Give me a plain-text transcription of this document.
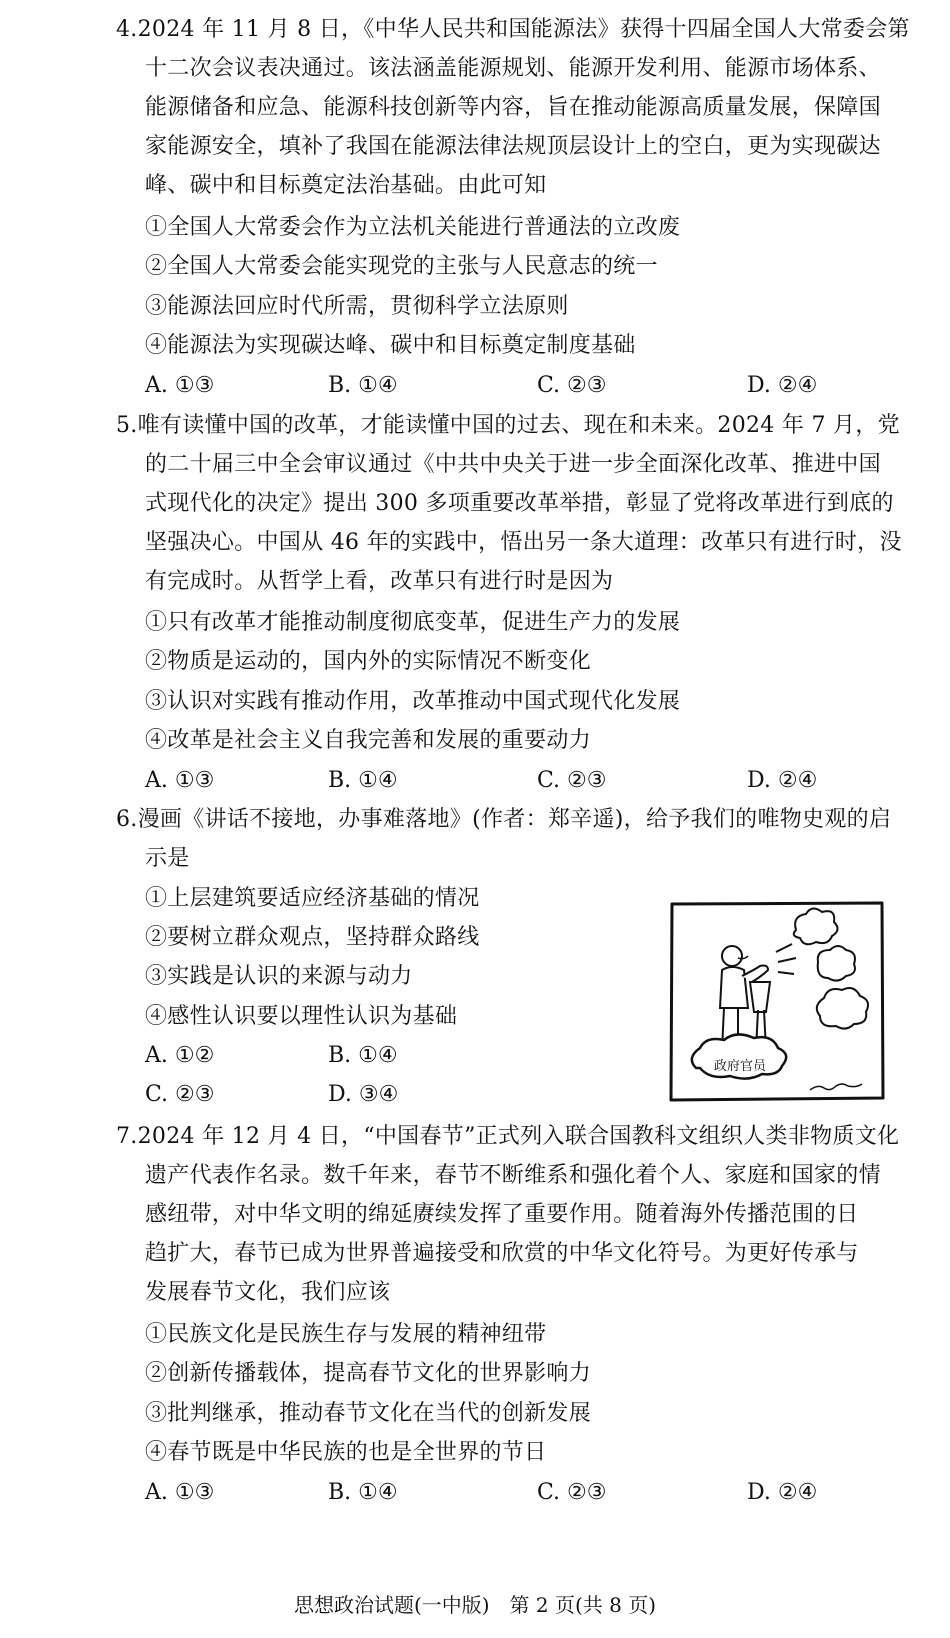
4.2024 年 11 月 8 日，《中华人民共和国能源法》获得十四届全国人大常委会第
十二次会议表决通过。该法涵盖能源规划、能源开发利用、能源市场体系、
能源储备和应急、能源科技创新等内容，旨在推动能源高质量发展，保障国
家能源安全，填补了我国在能源法律法规顶层设计上的空白，更为实现碳达
峰、碳中和目标奠定法治基础。由此可知
①全国人大常委会作为立法机关能进行普通法的立改废
②全国人大常委会能实现党的主张与人民意志的统一
③能源法回应时代所需，贯彻科学立法原则
④能源法为实现碳达峰、碳中和目标奠定制度基础
A. ①③	B. ①④	C. ②③	D. ②④
5.唯有读懂中国的改革，才能读懂中国的过去、现在和未来。2024 年 7 月，党
的二十届三中全会审议通过《中共中央关于进一步全面深化改革、推进中国
式现代化的决定》提出 300 多项重要改革举措，彰显了党将改革进行到底的
坚强决心。中国从 46 年的实践中，悟出另一条大道理：改革只有进行时，没
有完成时。从哲学上看，改革只有进行时是因为
①只有改革才能推动制度彻底变革，促进生产力的发展
②物质是运动的，国内外的实际情况不断变化
③认识对实践有推动作用，改革推动中国式现代化发展
④改革是社会主义自我完善和发展的重要动力
A. ①③	B. ①④	C. ②③	D. ②④
6.漫画《讲话不接地，办事难落地》(作者：郑辛遥)，给予我们的唯物史观的启
示是
①上层建筑要适应经济基础的情况
②要树立群众观点，坚持群众路线
③实践是认识的来源与动力
④感性认识要以理性认识为基础
A. ①②	B. ①④
C. ②③	D. ③④
政府官员
7.2024 年 12 月 4 日，“中国春节”正式列入联合国教科文组织人类非物质文化
遗产代表作名录。数千年来，春节不断维系和强化着个人、家庭和国家的情
感纽带，对中华文明的绵延赓续发挥了重要作用。随着海外传播范围的日
趋扩大，春节已成为世界普遍接受和欣赏的中华文化符号。为更好传承与
发展春节文化，我们应该
①民族文化是民族生存与发展的精神纽带
②创新传播载体，提高春节文化的世界影响力
③批判继承，推动春节文化在当代的创新发展
④春节既是中华民族的也是全世界的节日
A. ①③	B. ①④	C. ②③	D. ②④
思想政治试题(一中版)　第 2 页(共 8 页)
